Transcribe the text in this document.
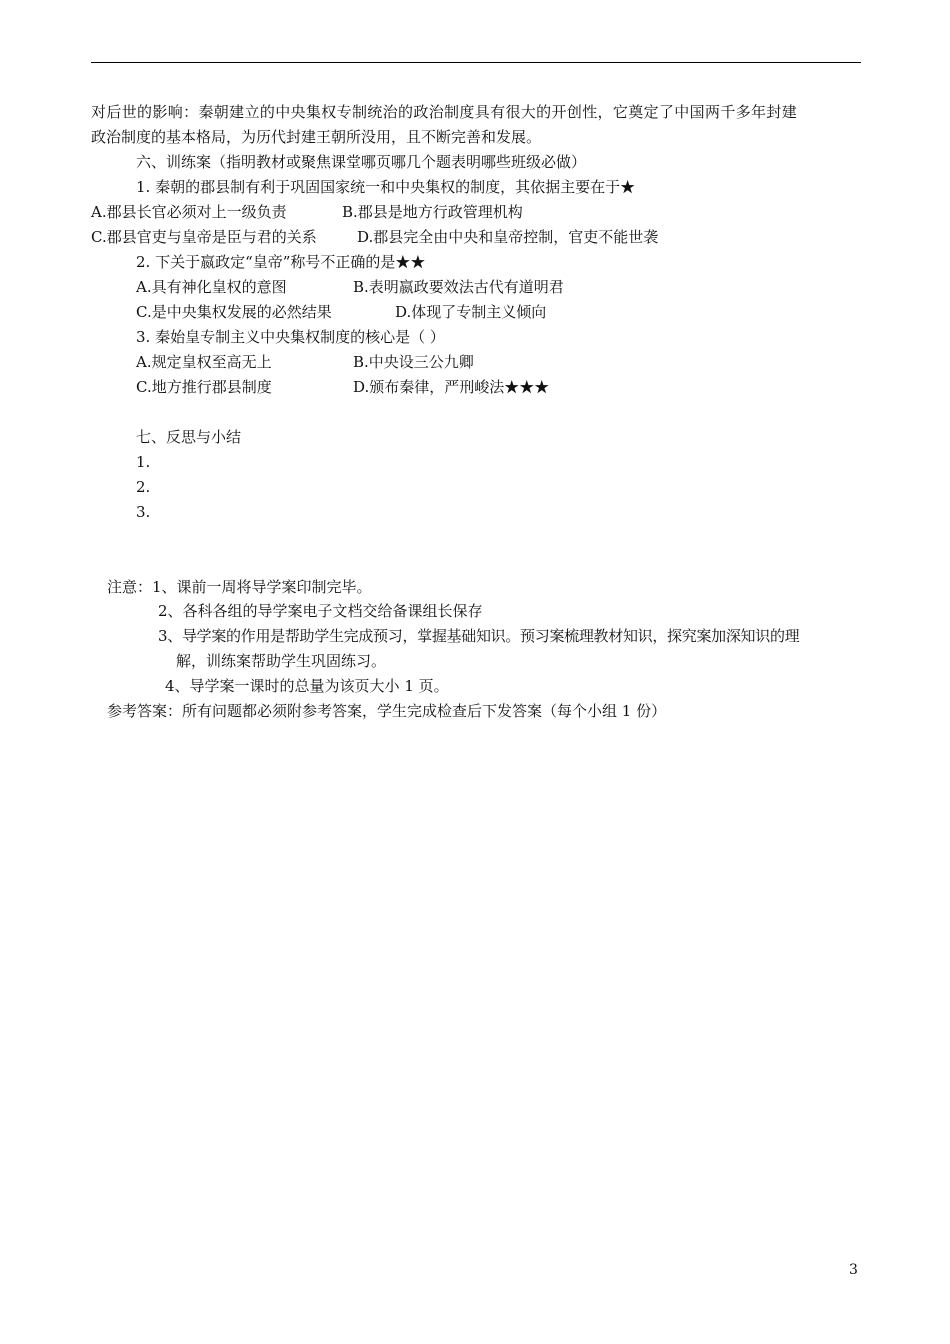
对后世的影响：秦朝建立的中央集权专制统治的政治制度具有很大的开创性，它奠定了中国两千多年封建
政治制度的基本格局，为历代封建王朝所没用，且不断完善和发展。
六、训练案（指明教材或聚焦课堂哪页哪几个题表明哪些班级必做）
1. 秦朝的郡县制有利于巩固国家统一和中央集权的制度，其依据主要在于★
A.郡县长官必须对上一级负责	B.郡县是地方行政管理机构
C.郡县官吏与皇帝是臣与君的关系	D.郡县完全由中央和皇帝控制，官吏不能世袭
2. 下关于嬴政定“皇帝”称号不正确的是★★
A.具有神化皇权的意图	B.表明嬴政要效法古代有道明君
C.是中央集权发展的必然结果	D.体现了专制主义倾向
3. 秦始皇专制主义中央集权制度的核心是（ ）
A.规定皇权至高无上	B.中央设三公九卿
C.地方推行郡县制度	D.颁布秦律，严刑峻法★★★
七、反思与小结
1.
2.
3.
注意：1、课前一周将导学案印制完毕。
2、各科各组的导学案电子文档交给备课组长保存
3、导学案的作用是帮助学生完成预习，掌握基础知识。预习案梳理教材知识，探究案加深知识的理
解，训练案帮助学生巩固练习。
4、导学案一课时的总量为该页大小 1 页。
参考答案：所有问题都必须附参考答案，学生完成检查后下发答案（每个小组 1 份）
3
